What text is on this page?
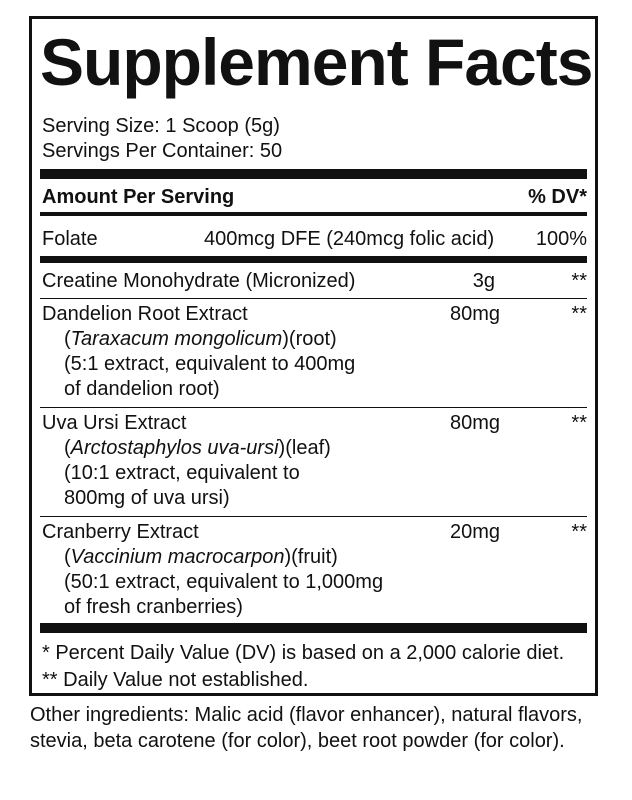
Supplement Facts
Serving Size: 1 Scoop (5g)
Servings Per Container: 50
Amount Per Serving	% DV*
Folate	400mcg DFE (240mcg folic acid) 100%
Creatine Monohydrate (Micronized)	3g	**
Dandelion Root Extract
(Taraxacum mongolicum)(root)
(5:1 extract, equivalent to 400mg
of dandelion root)
80mg	**
Uva Ursi Extract
(Arctostaphylos uva-ursi)(leaf)
(10:1 extract, equivalent to
800mg of uva ursi)
80mg	**
Cranberry Extract
(Vaccinium macrocarpon)(fruit)
(50:1 extract, equivalent to 1,000mg
of fresh cranberries)
20mg	**
* Percent Daily Value (DV) is based on a 2,000 calorie diet.
** Daily Value not established.
Other ingredients: Malic acid (flavor enhancer), natural flavors, stevia, beta carotene (for color), beet root powder (for color).
